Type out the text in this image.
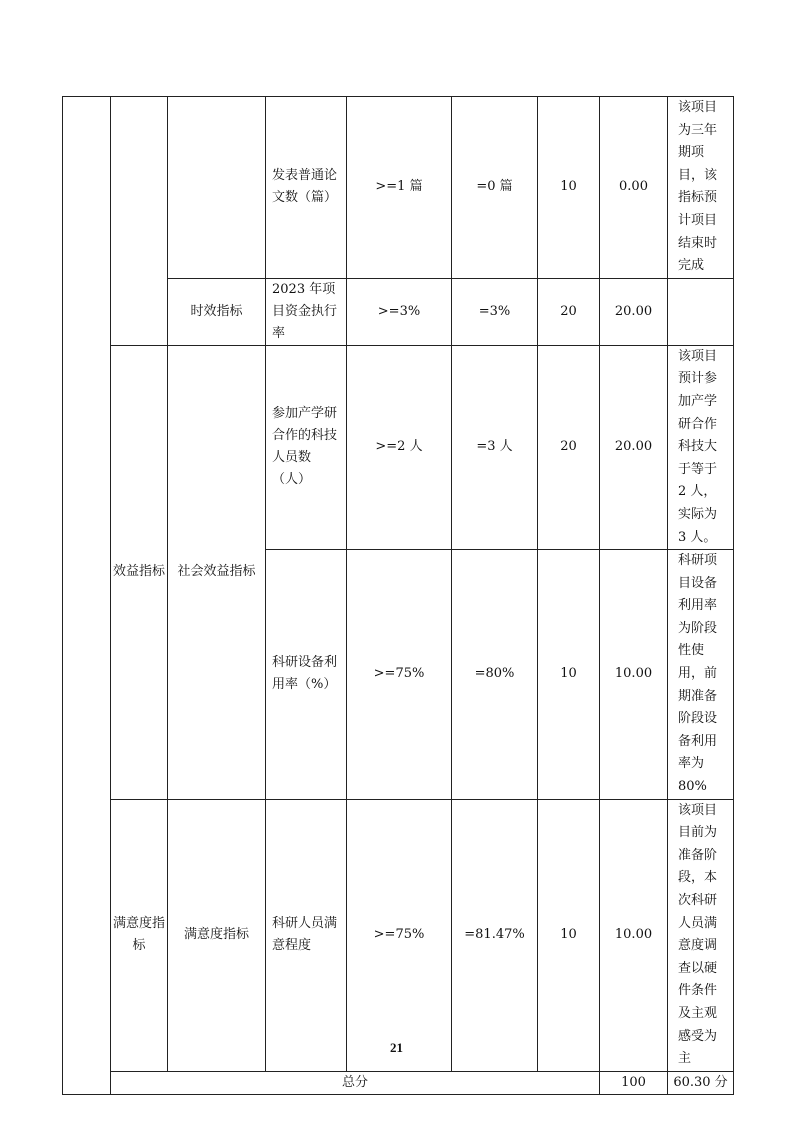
			发表普通论文数（篇）	>=1 篇	=0 篇	10	0.00	该项目为三年期项目，该指标预计项目结束时完成	
		时效指标	2023 年项目资金执行率	>=3%	=3%	20	20.00		
	效益指标	社会效益指标	参加产学研合作的科技人员数（人）	>=2 人	=3 人	20	20.00	该项目预计参加产学研合作科技大于等于 2 人，实际为 3 人。	
			科研设备利用率（%）	>=75%	=80%	10	10.00	科研项目设备利用率为阶段性使用，前期准备阶段设备利用率为 80%	
	满意度指标	满意度指标	科研人员满意程度	>=75%	=81.47%	10	10.00	该项目目前为准备阶段，本次科研人员满意度调查以硬件条件及主观感受为主	
	总分						100	60.30 分	
21
